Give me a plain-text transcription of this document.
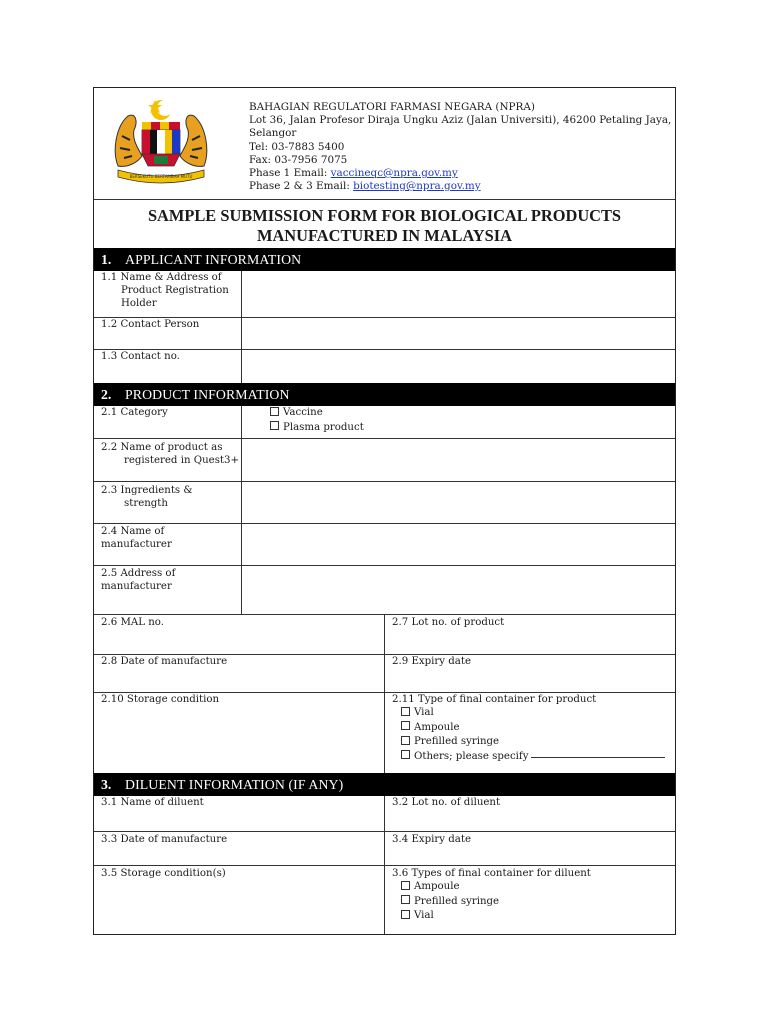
BERSEKUTU BERTAMBAH MUTU
BAHAGIAN REGULATORI FARMASI NEGARA (NPRA)
Lot 36, Jalan Profesor Diraja Ungku Aziz (Jalan Universiti), 46200 Petaling Jaya,
Selangor
Tel: 03-7883 5400
Fax: 03-7956 7075
Phase 1 Email: vaccineqc@npra.gov.my
Phase 2 & 3 Email: biotesting@npra.gov.my
SAMPLE SUBMISSION FORM FOR BIOLOGICAL PRODUCTS
MANUFACTURED IN MALAYSIA
1. APPLICANT INFORMATION
1.1 Name & Address of
Product Registration
Holder
1.2 Contact Person
1.3 Contact no.
2. PRODUCT INFORMATION
2.1 Category	Vaccine
Plasma product
2.2 Name of product as
registered in Quest3+
2.3 Ingredients &
strength
2.4 Name of
manufacturer
2.5 Address of
manufacturer
2.6 MAL no.	2.7 Lot no. of product
2.8 Date of manufacture	2.9 Expiry date
2.10 Storage condition	2.11 Type of final container for product
Vial
Ampoule
Prefilled syringe
Others; please specify
3. DILUENT INFORMATION (IF ANY)
3.1 Name of diluent	3.2 Lot no. of diluent
3.3 Date of manufacture	3.4 Expiry date
3.5 Storage condition(s)	3.6 Types of final container for diluent
Ampoule
Prefilled syringe
Vial
